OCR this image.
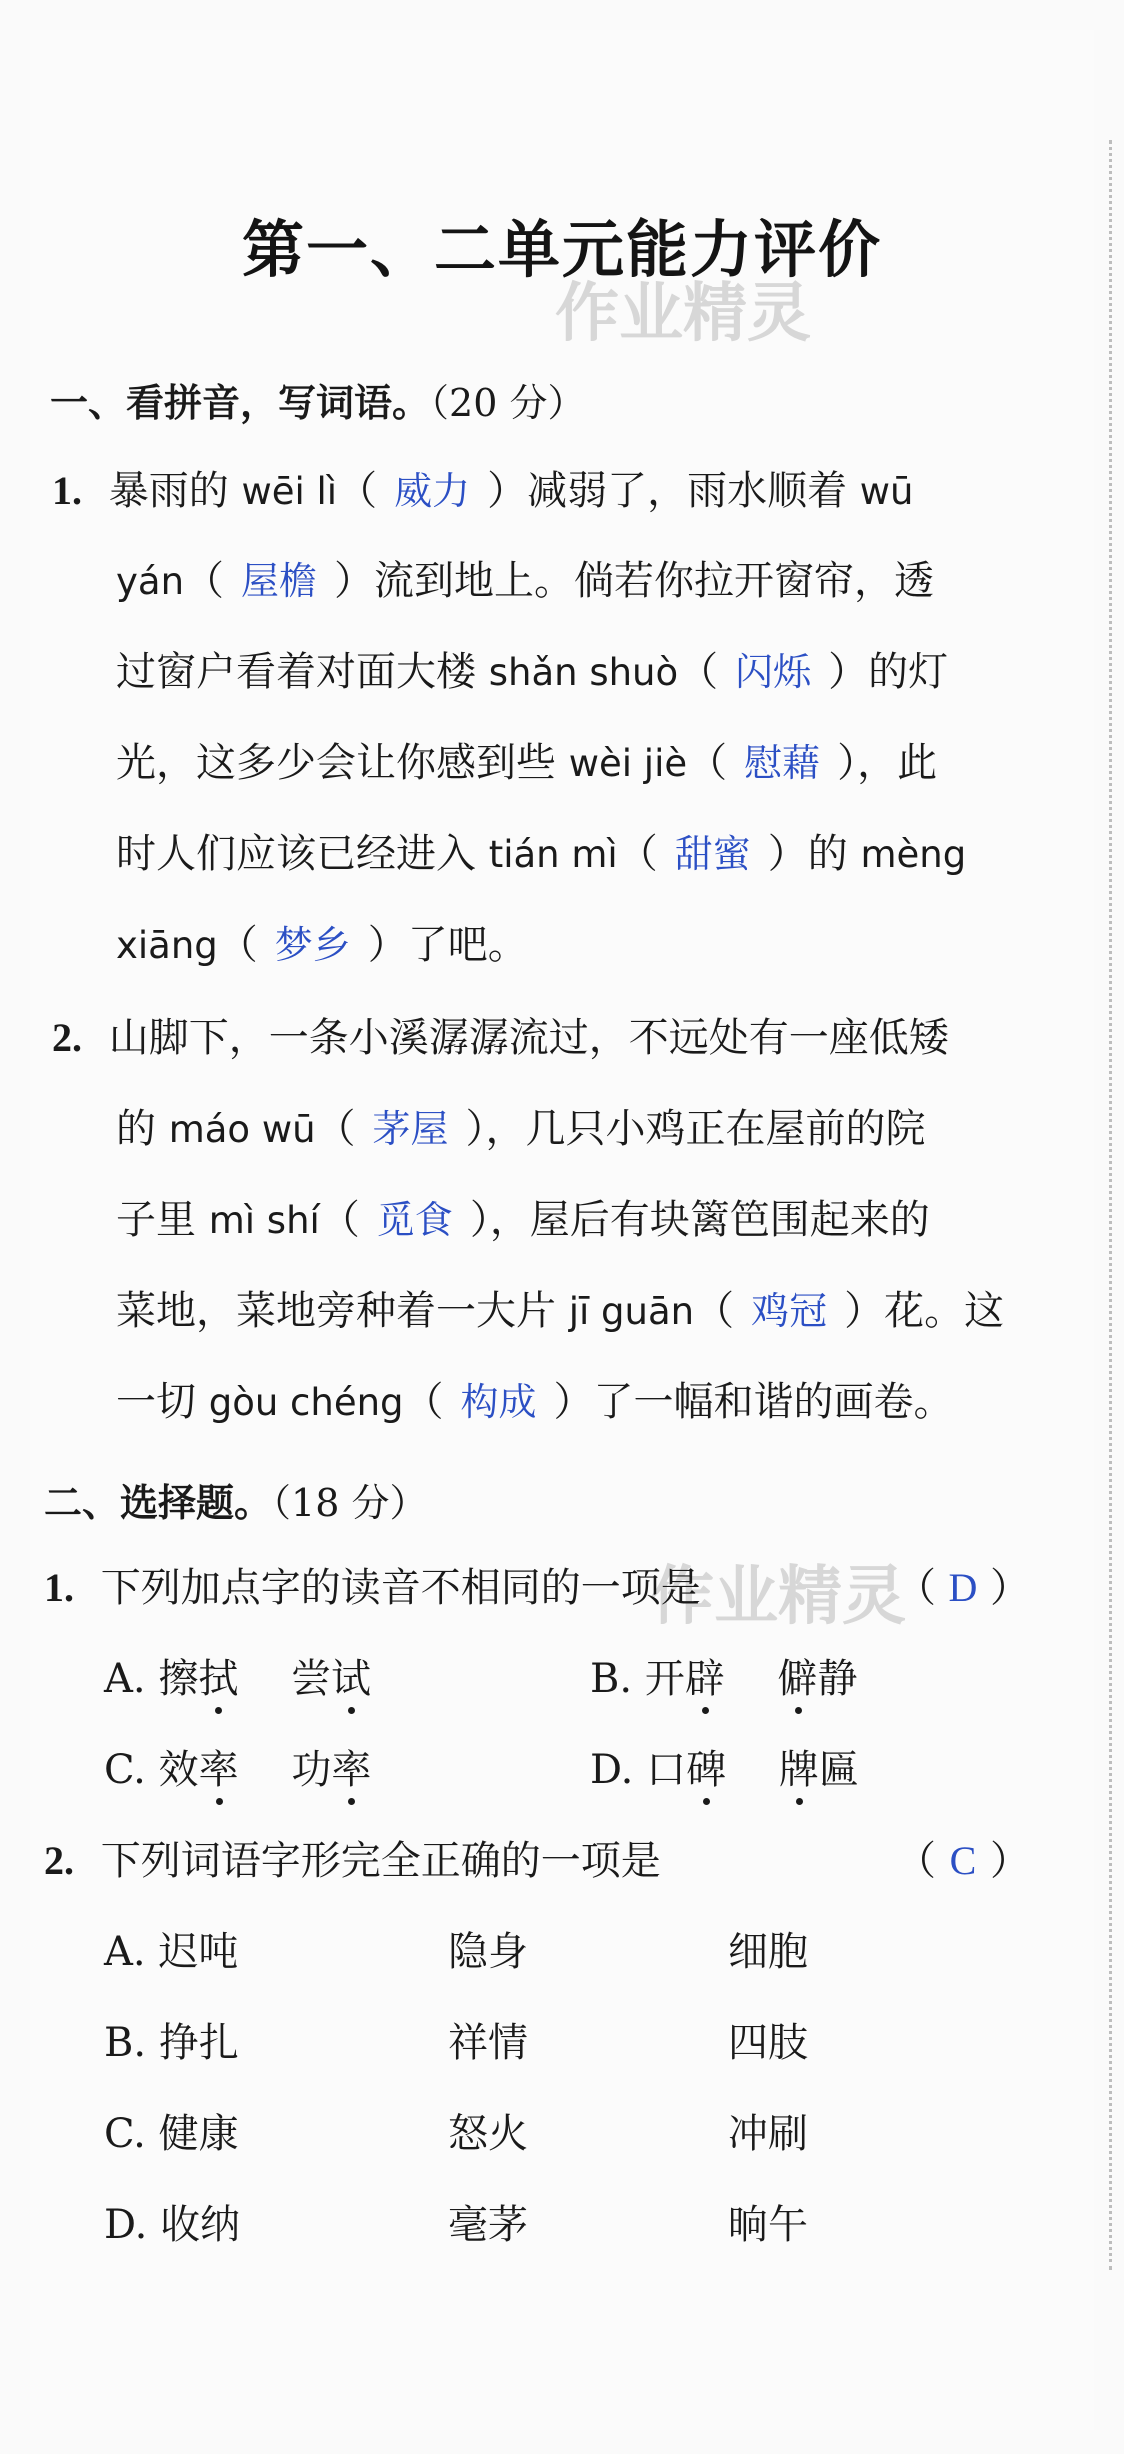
第一、二单元能力评价
作业精灵
作业精灵
一、看拼音，写词语。（20 分）
1. 暴雨的 wēi lì（ 威力 ）减弱了，雨水顺着 wū
yán（ 屋檐 ）流到地上。倘若你拉开窗帘，透
过窗户看着对面大楼 shǎn shuò（ 闪烁 ）的灯
光，这多少会让你感到些 wèi jiè（ 慰藉 ），此
时人们应该已经进入 tián mì（ 甜蜜 ）的 mèng
xiāng（ 梦乡 ）了吧。
2. 山脚下，一条小溪潺潺流过，不远处有一座低矮
的 máo wū（ 茅屋 ），几只小鸡正在屋前的院
子里 mì shí（ 觅食 ），屋后有块篱笆围起来的
菜地，菜地旁种着一大片 jī guān（ 鸡冠 ）花。这
一切 gòu chéng（ 构成 ）了一幅和谐的画卷。
二、选择题。（18 分）
1. 下列加点字的读音不相同的一项是	（ D ）
A. 擦拭 尝试	B. 开辟 僻静
C. 效率 功率	D. 口碑 牌匾
2. 下列词语字形完全正确的一项是	（ C ）
A. 迟吨	隐身	细胞
B. 挣扎	祥情	四肢
C. 健康	怒火	冲刷
D. 收纳	毫茅	晌午
